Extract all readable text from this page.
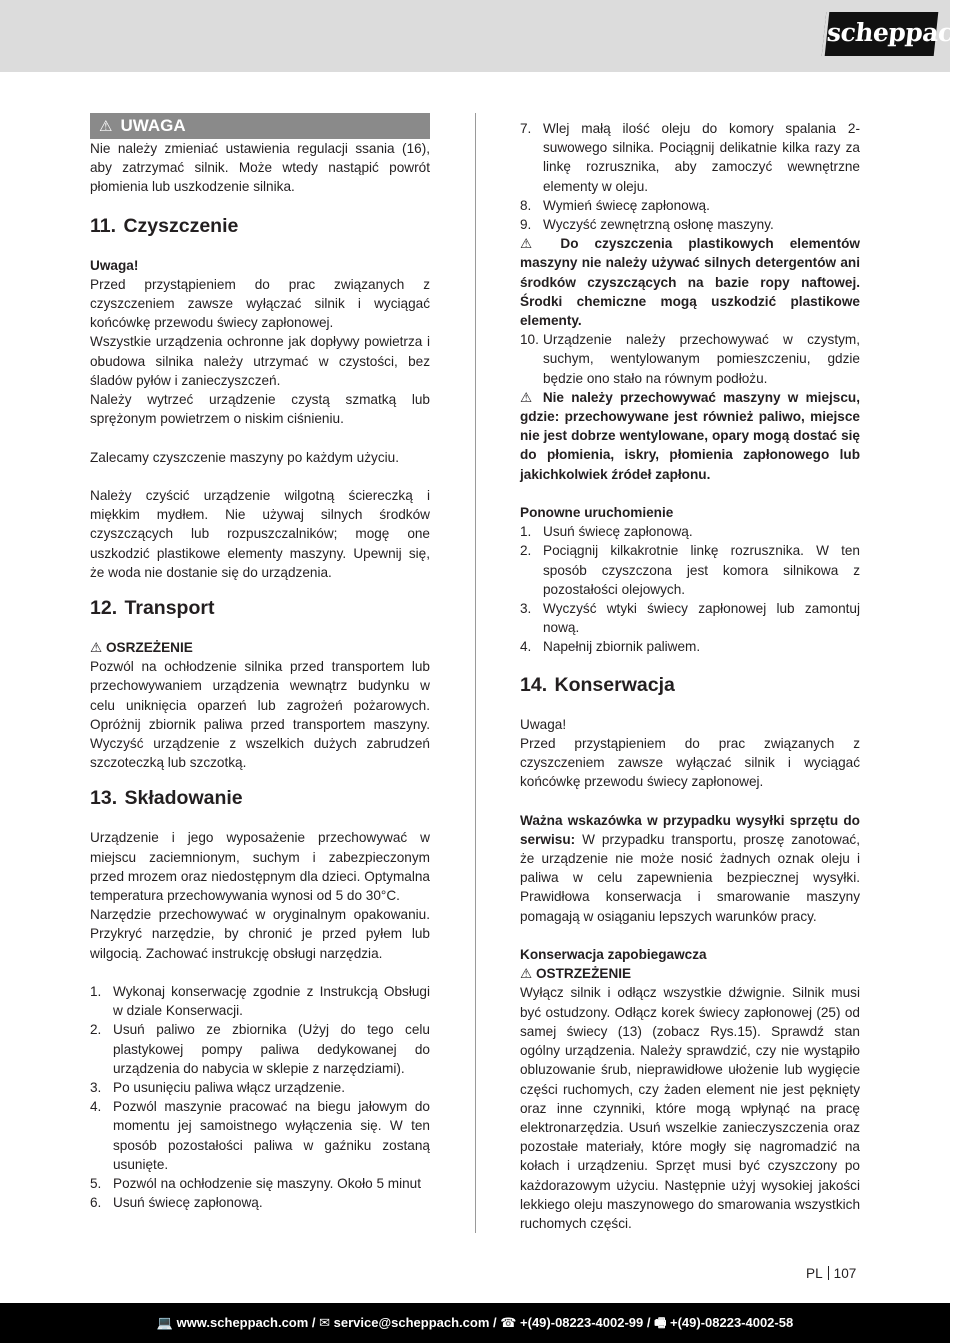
scheppach
⚠ UWAGA

Nie należy zmieniać ustawienia regulacji ssania (16), aby zatrzymać silnik. Może wtedy nastąpić powrót płomienia lub uszkodzenie silnika.

11. Czyszczenie

Uwaga!

Przed przystąpieniem do prac związanych z czyszczeniem zawsze wyłączać silnik i wyciągać końcówkę przewodu świecy zapłonowej.

Wszystkie urządzenia ochronne jak dopływy powietrza i obudowa silnika należy utrzymać w czystości, bez śladów pyłów i zanieczyszczeń.

Należy wytrzeć urządzenie czystą szmatką lub sprężonym powietrzem o niskim ciśnieniu.

Zalecamy czyszczenie maszyny po każdym użyciu.

Należy czyścić urządzenie wilgotną ściereczką i miękkim mydłem. Nie używaj silnych środków czyszczących lub rozpuszczalników; mogę one uszkodzić plastikowe elementy maszyny. Upewnij się, że woda nie dostanie się do urządzenia.

12. Transport

⚠ OSRZEŻENIE

Pozwól na ochłodzenie silnika przed transportem lub przechowywaniem urządzenia wewnątrz budynku w celu uniknięcia oparzeń lub zagrożeń pożarowych. Opróżnij zbiornik paliwa przed transportem maszyny. Wyczyść urządzenie z wszelkich dużych zabrudzeń szczoteczką lub szczotką.

13. Składowanie

Urządzenie i jego wyposażenie przechowywać w miejscu zaciemnionym, suchym i zabezpieczonym przed mrozem oraz niedostępnym dla dzieci. Optymalna temperatura przechowywania wynosi od 5 do 30°C.

Narzędzie przechowywać w oryginalnym opakowaniu. Przykryć narzędzie, by chronić je przed pyłem lub wilgocią. Zachować instrukcję obsługi narzędzia.

1. Wykonaj konserwację zgodnie z Instrukcją Obsługi w dziale Konserwacji.
2. Usuń paliwo ze zbiornika (Użyj do tego celu plastykowej pompy paliwa dedykowanej do urządzenia do nabycia w sklepie z narzędziami).
3. Po usunięciu paliwa włącz urządzenie.
4. Pozwól maszynie pracować na biegu jałowym do momentu jej samoistnego wyłączenia się. W ten sposób pozostałości paliwa w gaźniku zostaną usunięte.
5. Pozwól na ochłodzenie się maszyny. Około 5 minut
6. Usuń świecę zapłonową.
7. Wlej małą ilość oleju do komory spalania 2-suwowego silnika. Pociągnij delikatnie kilka razy za linkę rozrusznika, aby zamoczyć wewnętrzne elementy w oleju.
8. Wymień świecę zapłonową.
9. Wyczyść zewnętrzną osłonę maszyny.

⚠ Do czyszczenia plastikowych elementów maszyny nie należy używać silnych detergentów ani środków czyszczących na bazie ropy naftowej. Środki chemiczne mogą uszkodzić plastikowe elementy.

10. Urządzenie należy przechowywać w czystym, suchym, wentylowanym pomieszczeniu, gdzie będzie ono stało na równym podłożu.

⚠ Nie należy przechowywać maszyny w miejscu, gdzie: przechowywane jest również paliwo, miejsce nie jest dobrze wentylowane, opary mogą dostać się do płomienia, iskry, płomienia zapłonowego lub jakichkolwiek źródeł zapłonu.

Ponowne uruchomienie

1. Usuń świecę zapłonową.
2. Pociągnij kilkakrotnie linkę rozrusznika. W ten sposób czyszczona jest komora silnikowa z pozostałości olejowych.
3. Wyczyść wtyki świecy zapłonowej lub zamontuj nową.
4. Napełnij zbiornik paliwem.
14. Konserwacja

Uwaga!

Przed przystąpieniem do prac związanych z czyszczeniem zawsze wyłączać silnik i wyciągać końcówkę przewodu świecy zapłonowej.

Ważna wskazówka w przypadku wysyłki sprzętu do serwisu: W przypadku transportu, proszę zanotować, że urządzenie nie może nosić żadnych oznak oleju i paliwa w celu zapewnienia bezpiecznej wysyłki. Prawidłowa konserwacja i smarowanie maszyny pomagają w osiąganiu lepszych warunków pracy.

Konserwacja zapobiegawcza

⚠ OSTRZEŻENIE

Wyłącz silnik i odłącz wszystkie dźwignie. Silnik musi być ostudzony. Odłącz korek świecy zapłonowej (25) od samej świecy (13) (zobacz Rys.15). Sprawdź stan ogólny urządzenia. Należy sprawdzić, czy nie wystąpiło obluzowanie śrub, nieprawidłowe ułożenie lub wygięcie części ruchomych, czy żaden element nie jest pęknięty oraz inne czynniki, które mogą wpłynąć na pracę elektronarzędzia. Usuń wszelkie zanieczyszczenia oraz pozostałe materiały, które mogły się nagromadzić na kołach i urządzeniu. Sprzęt musi być czyszczony po każdorazowym użyciu. Następnie użyj wysokiej jakości lekkiego oleju maszynowego do smarowania wszystkich ruchomych części.

PL 107
💻 www.scheppach.com / ✉ service@scheppach.com / ☎ +(49)-08223-4002-99 / 🖷 +(49)-08223-4002-58
